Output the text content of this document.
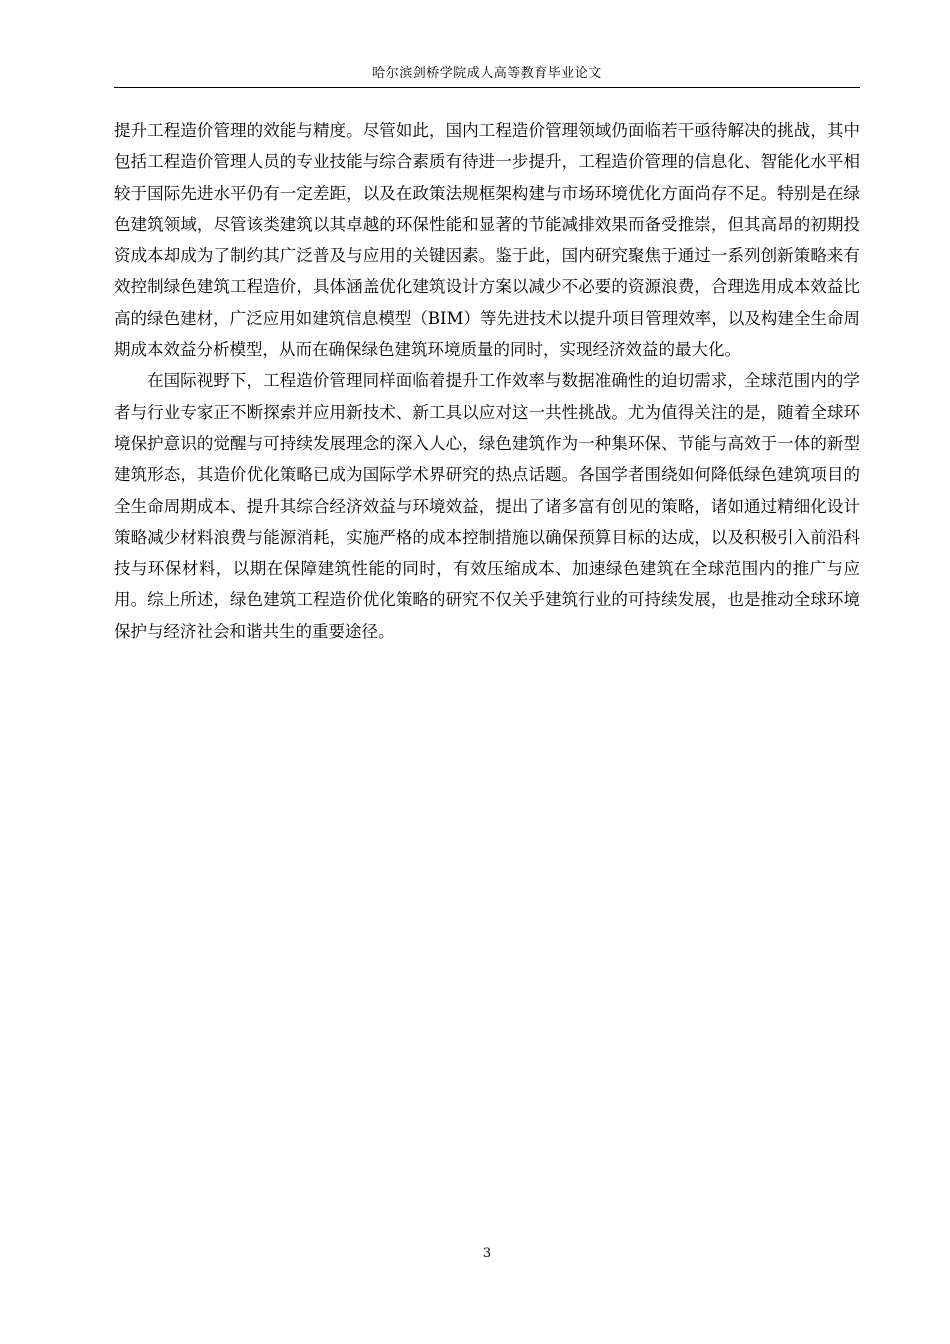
哈尔滨剑桥学院成人高等教育毕业论文

提升工程造价管理的效能与精度。尽管如此，国内工程造价管理领域仍面临若干亟待解决的挑战，其中包括工程造价管理人员的专业技能与综合素质有待进一步提升，工程造价管理的信息化、智能化水平相较于国际先进水平仍有一定差距，以及在政策法规框架构建与市场环境优化方面尚存不足。特别是在绿色建筑领域，尽管该类建筑以其卓越的环保性能和显著的节能减排效果而备受推崇，但其高昂的初期投资成本却成为了制约其广泛普及与应用的关键因素。鉴于此，国内研究聚焦于通过一系列创新策略来有效控制绿色建筑工程造价，具体涵盖优化建筑设计方案以减少不必要的资源浪费，合理选用成本效益比高的绿色建材，广泛应用如建筑信息模型（BIM）等先进技术以提升项目管理效率，以及构建全生命周期成本效益分析模型，从而在确保绿色建筑环境质量的同时，实现经济效益的最大化。

在国际视野下，工程造价管理同样面临着提升工作效率与数据准确性的迫切需求，全球范围内的学者与行业专家正不断探索并应用新技术、新工具以应对这一共性挑战。尤为值得关注的是，随着全球环境保护意识的觉醒与可持续发展理念的深入人心，绿色建筑作为一种集环保、节能与高效于一体的新型建筑形态，其造价优化策略已成为国际学术界研究的热点话题。各国学者围绕如何降低绿色建筑项目的全生命周期成本、提升其综合经济效益与环境效益，提出了诸多富有创见的策略，诸如通过精细化设计策略减少材料浪费与能源消耗，实施严格的成本控制措施以确保预算目标的达成，以及积极引入前沿科技与环保材料，以期在保障建筑性能的同时，有效压缩成本、加速绿色建筑在全球范围内的推广与应用。综上所述，绿色建筑工程造价优化策略的研究不仅关乎建筑行业的可持续发展，也是推动全球环境保护与经济社会和谐共生的重要途径。

3
